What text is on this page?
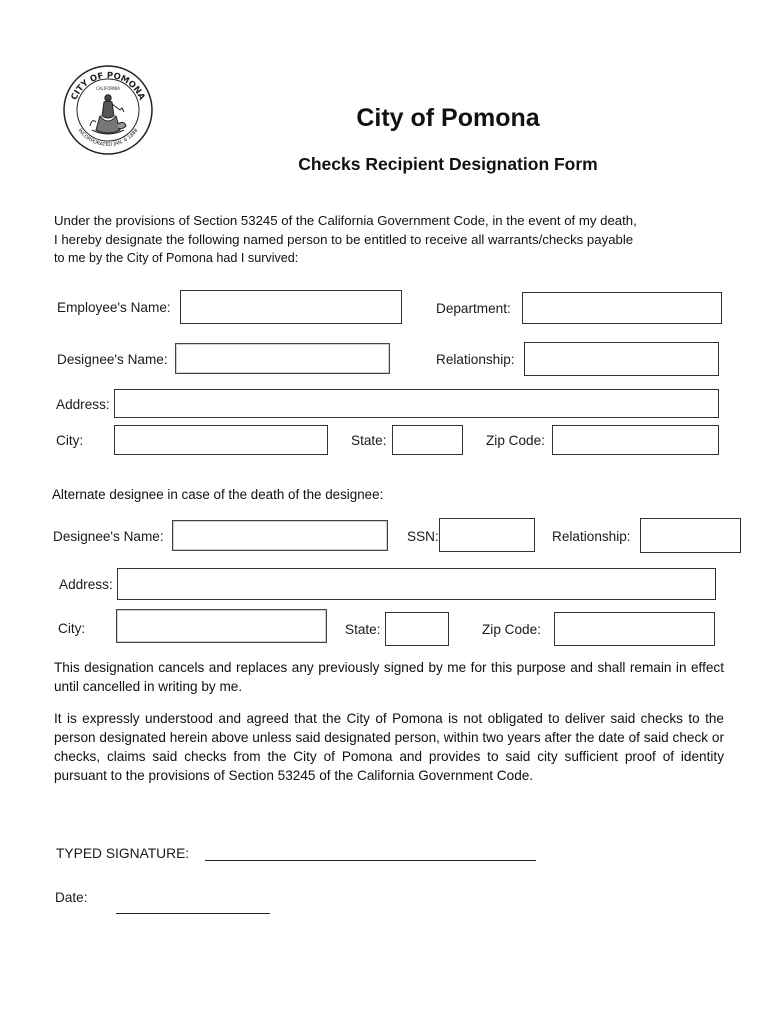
CITY OF POMONA
INCORPORATED JAN. 6 1888
CALIFORNIA
City of Pomona
Checks Recipient Designation Form
Under the provisions of Section 53245 of the California Government Code, in the event of my death,
I hereby designate the following named person to be entitled to receive all warrants/checks payable
to me by the City of Pomona had I survived:
Employee's Name:	Department:
Designee's Name:	Relationship:
Address:
City:	State:	Zip Code:
Alternate designee in case of the death of the designee:
Designee's Name:	SSN:	Relationship:
Address:
City:	State:	Zip Code:
This designation cancels and replaces any previously signed by me for this purpose and shall remain in effect until cancelled in writing by me.
It is expressly understood and agreed that the City of Pomona is not obligated to deliver said checks to the person designated herein above unless said designated person, within two years after the date of said check or checks, claims said checks from the City of Pomona and provides to said city sufficient proof of identity pursuant to the provisions of Section 53245 of the California Government Code.
TYPED SIGNATURE:
Date:
